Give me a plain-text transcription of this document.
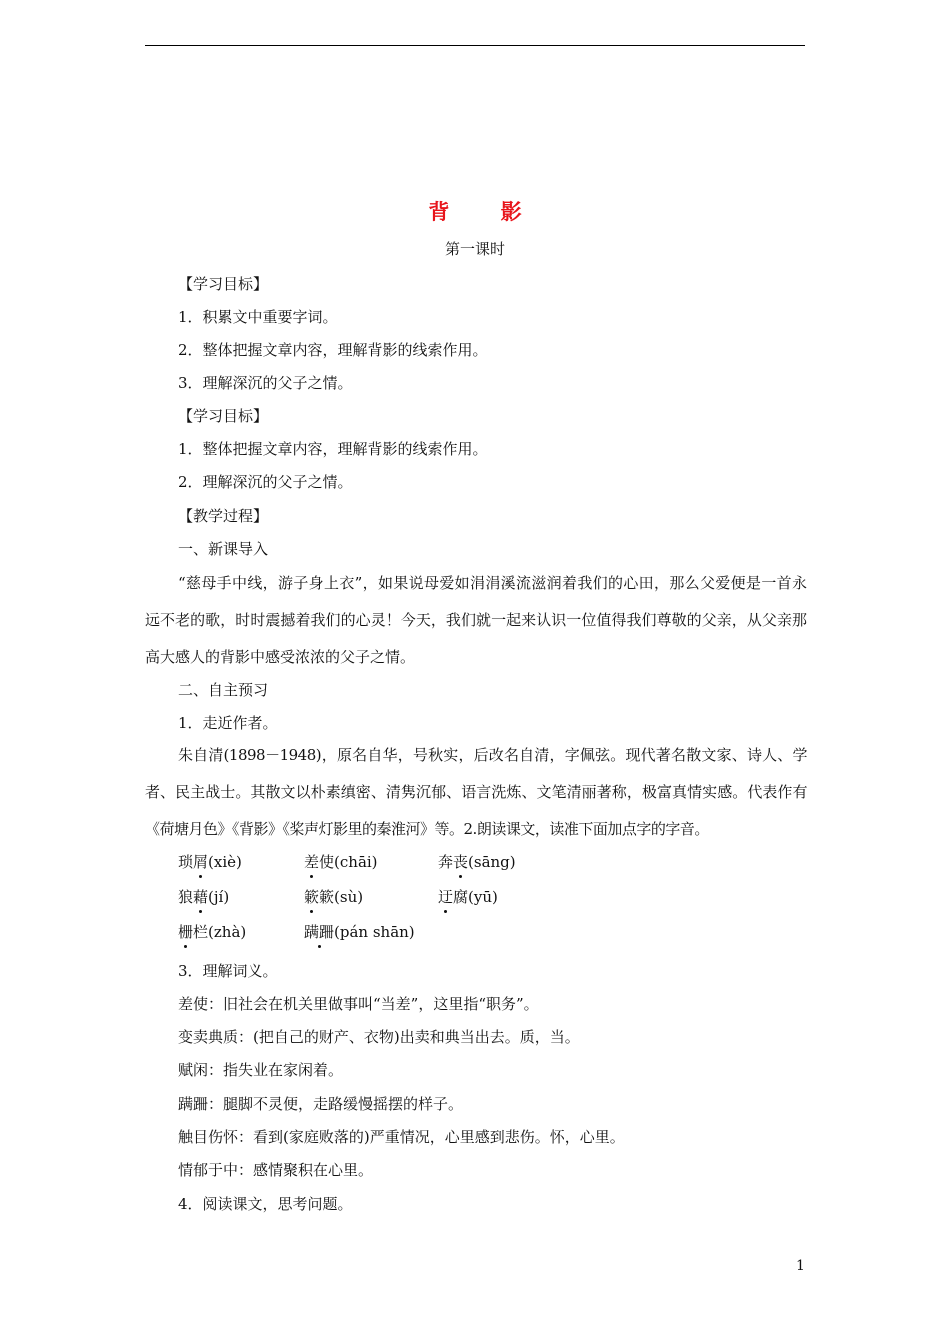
背 影
第一课时
【学习目标】
1．积累文中重要字词。
2．整体把握文章内容，理解背影的线索作用。
3．理解深沉的父子之情。
【学习目标】
1．整体把握文章内容，理解背影的线索作用。
2．理解深沉的父子之情。
【教学过程】
一、新课导入
“慈母手中线，游子身上衣”，如果说母爱如涓涓溪流滋润着我们的心田，那么父爱便是一首永远不老的歌，时时震撼着我们的心灵！今天，我们就一起来认识一位值得我们尊敬的父亲，从父亲那高大感人的背影中感受浓浓的父子之情。
二、自主预习
1．走近作者。
朱自清(1898－1948)，原名自华，号秋实，后改名自清，字佩弦。现代著名散文家、诗人、学者、民主战士。其散文以朴素缜密、清隽沉郁、语言洗炼、文笔清丽著称，极富真情实感。代表作有《荷塘月色》《背影》《桨声灯影里的秦淮河》等。2.朗读课文，读准下面加点字的字音。
琐屑(xiè)	差使(chāi)	奔丧(sāng)
狼藉(jí)	簌簌(sù)	迂腐(yū)
栅栏(zhà)	蹒跚(pán shān)
3．理解词义。
差使：旧社会在机关里做事叫“当差”，这里指“职务”。
变卖典质：(把自己的财产、衣物)出卖和典当出去。质，当。
赋闲：指失业在家闲着。
蹒跚：腿脚不灵便，走路缓慢摇摆的样子。
触目伤怀：看到(家庭败落的)严重情况，心里感到悲伤。怀，心里。
情郁于中：感情聚积在心里。
4．阅读课文，思考问题。
1
